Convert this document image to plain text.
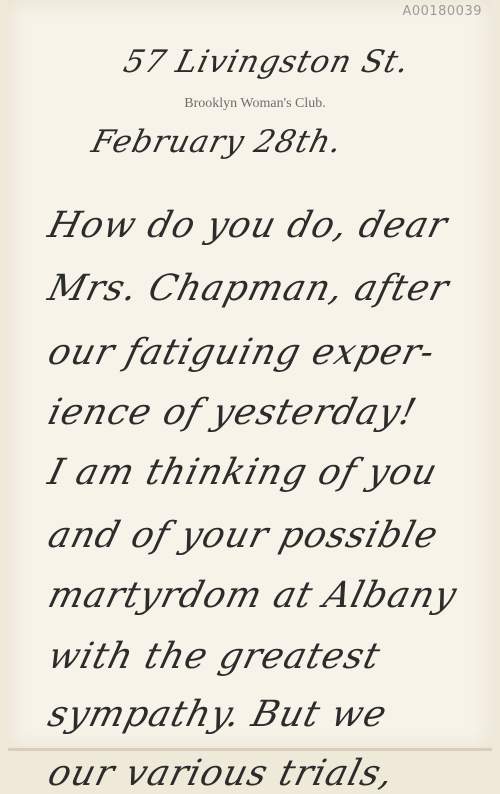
A00180039
57 Livingston St.
Brooklyn Woman's Club.
February 28th.
How do you do, dear
Mrs. Chapman, after
our fatiguing exper-
ience of yesterday!
I am thinking of you
and of your possible
martyrdom at Albany
with the greatest
sympathy. But we
our various trials,
